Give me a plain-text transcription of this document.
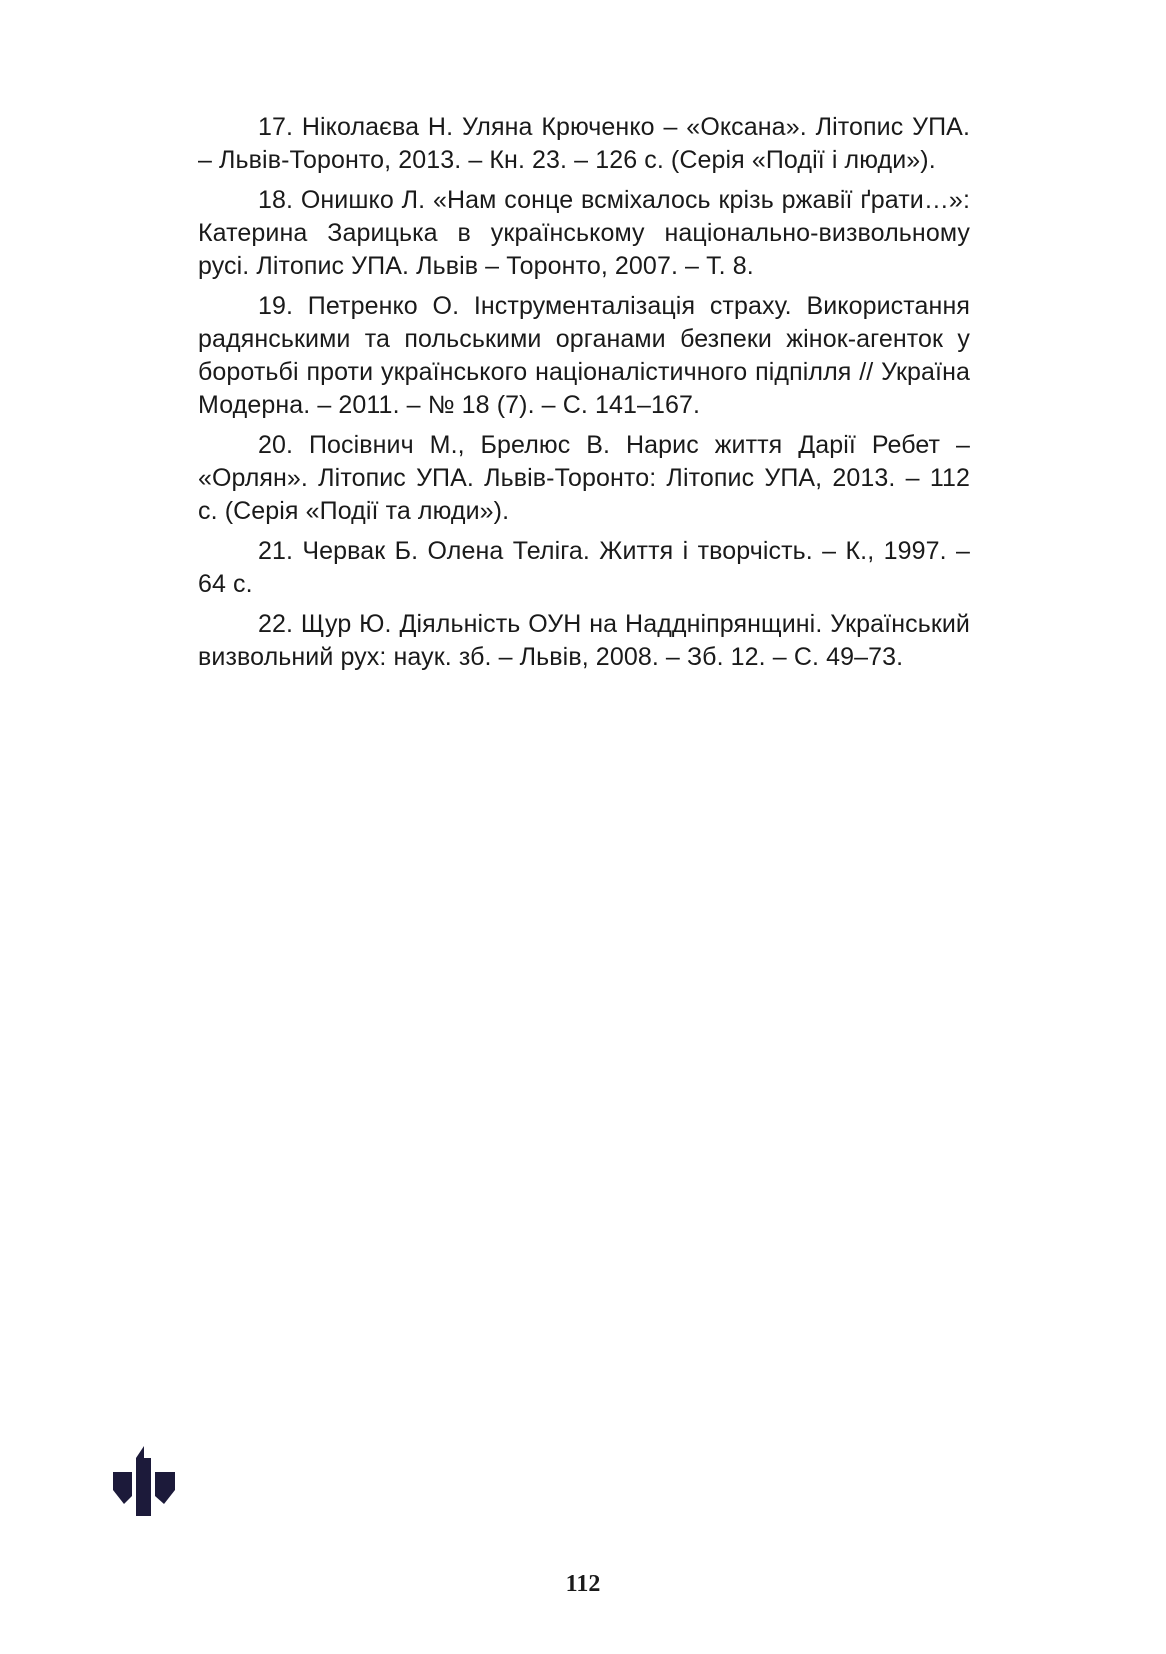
17. Ніколаєва Н. Уляна Крюченко – «Оксана». Літопис УПА. – Львів-Торонто, 2013. – Кн. 23. – 126 с. (Серія «Події і люди»).

18. Онишко Л. «Нам сонце всміхалось крізь ржавії ґрати…»: Катерина Зарицька в українському національно-визвольному русі. Літопис УПА. Львів – Торонто, 2007. – Т. 8.

19. Петренко О. Інструменталізація страху. Використання радянськими та польськими органами безпеки жінок-агенток у боротьбі проти українського націоналістичного підпілля // Україна Модерна. – 2011. – № 18 (7). – С. 141–167.

20. Посівнич М., Брелюс В. Нарис життя Дарії Ребет – «Орлян». Літопис УПА. Львів-Торонто: Літопис УПА, 2013. – 112 с. (Серія «Події та люди»).

21. Червак Б. Олена Теліга. Життя і творчість. – К., 1997. – 64 с.

22. Щур Ю. Діяльність ОУН на Наддніпрянщині. Український визвольний рух: наук. зб. – Львів, 2008. – Зб. 12. – С. 49–73.

112
